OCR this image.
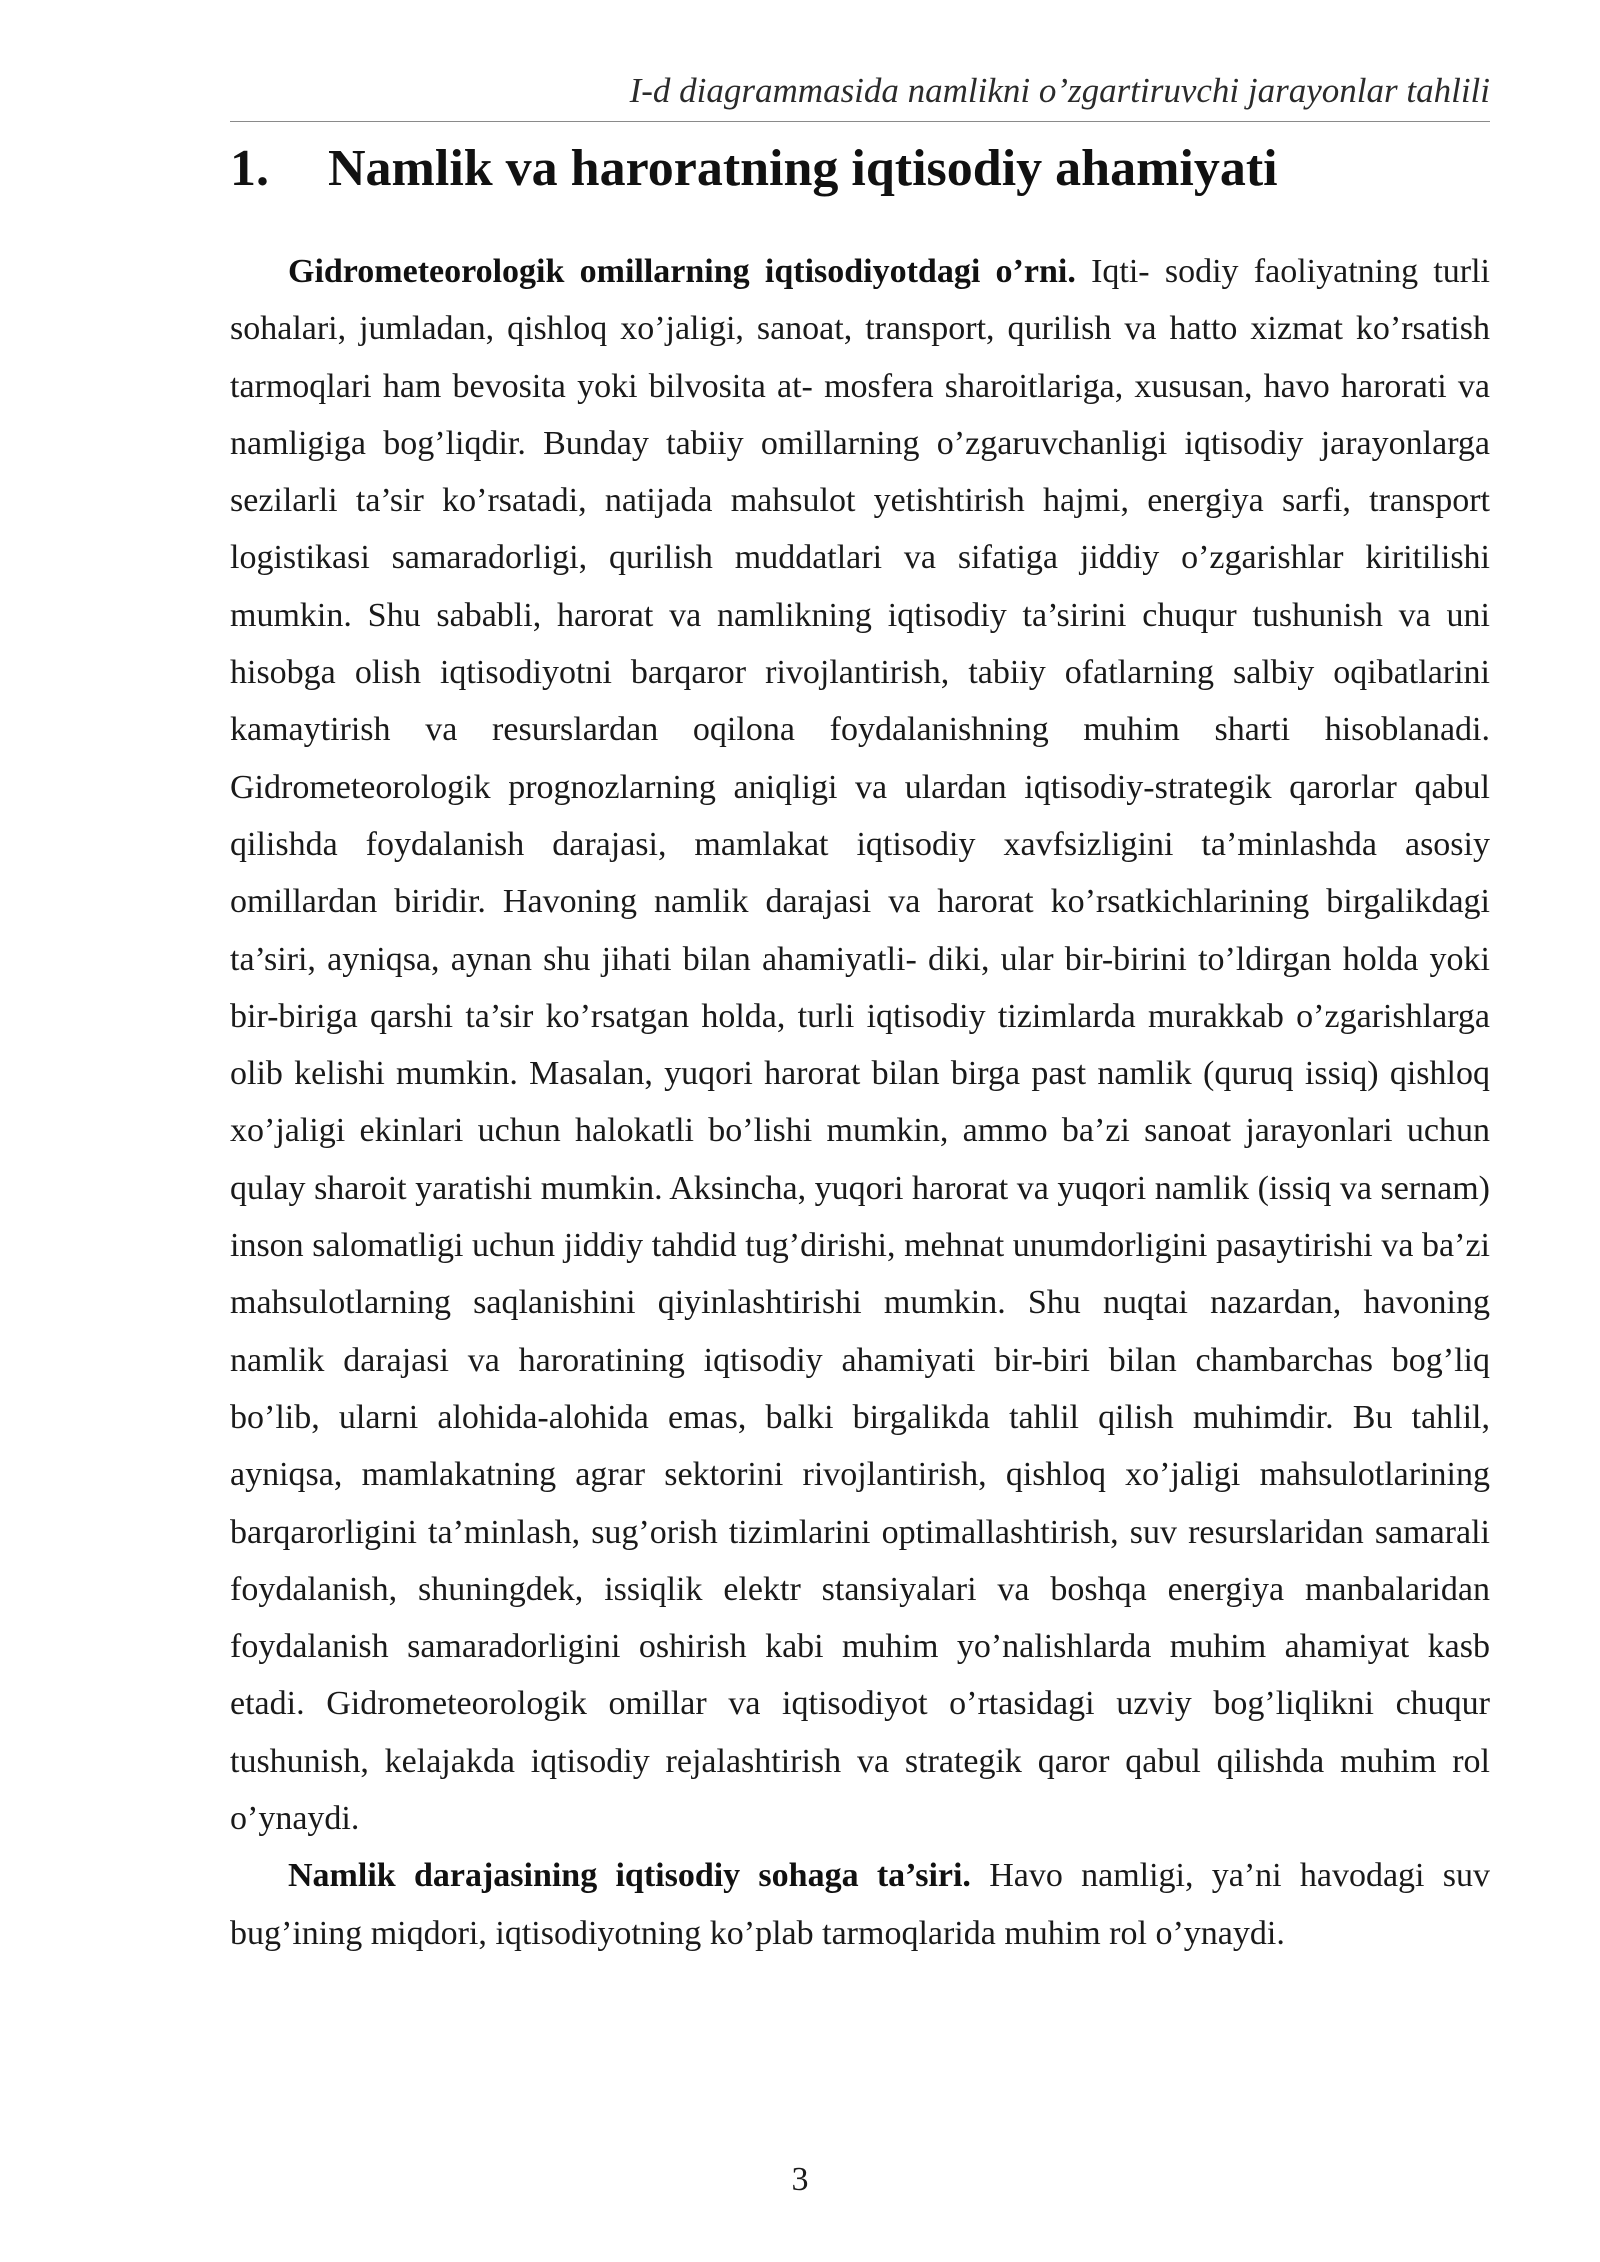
I-d diagrammasida namlikni o’zgartiruvchi jarayonlar tahlili
1. Namlik va haroratning iqtisodiy ahamiyati

Gidrometeorologik omillarning iqtisodiyotdagi o’rni. Iqti- sodiy faoliyatning turli sohalari, jumladan, qishloq xo’jaligi, sanoat, transport, qurilish va hatto xizmat ko’rsatish tarmoqlari ham bevosita yoki bilvosita at- mosfera sharoitlariga, xususan, havo harorati va namligiga bog’liqdir. Bunday tabiiy omillarning o’zgaruvchanligi iqtisodiy jarayonlarga sezilarli ta’sir ko’rsatadi, natijada mahsulot yetishtirish hajmi, energiya sarfi, transport logistikasi samaradorligi, qurilish muddatlari va sifatiga jiddiy o’zgarishlar kiritilishi mumkin. Shu sababli, harorat va namlikning iqtisodiy ta’sirini chuqur tushunish va uni hisobga olish iqtisodiyotni barqaror rivojlantirish, tabiiy ofatlarning salbiy oqibatlarini kamaytirish va resurslardan oqilona foydalanishning muhim sharti hisoblanadi. Gidrometeorologik prognozlarning aniqligi va ulardan iqtisodiy-strategik qarorlar qabul qilishda foydalanish darajasi, mamlakat iqtisodiy xavfsizligini ta’minlashda asosiy omillardan biridir. Havoning namlik darajasi va harorat ko’rsatkichlarining birgalikdagi ta’siri, ayniqsa, aynan shu jihati bilan ahamiyatli- diki, ular bir-birini to’ldirgan holda yoki bir-biriga qarshi ta’sir ko’rsatgan holda, turli iqtisodiy tizimlarda murakkab o’zgarishlarga olib kelishi mumkin. Masalan, yuqori harorat bilan birga past namlik (quruq issiq) qishloq xo’jaligi ekinlari uchun halokatli bo’lishi mumkin, ammo ba’zi sanoat jarayonlari uchun qulay sharoit yaratishi mumkin. Aksincha, yuqori harorat va yuqori namlik (issiq va sernam) inson salomatligi uchun jiddiy tahdid tug’dirishi, mehnat unumdorligini pasaytirishi va ba’zi mahsulotlarning saqlanishini qiyinlashtirishi mumkin. Shu nuqtai nazardan, havoning namlik darajasi va haroratining iqtisodiy ahamiyati bir-biri bilan chambarchas bog’liq bo’lib, ularni alohida-alohida emas, balki birgalikda tahlil qilish muhimdir. Bu tahlil, ayniqsa, mamlakatning agrar sektorini rivojlantirish, qishloq xo’jaligi mahsulotlarining barqarorligini ta’minlash, sug’orish tizimlarini optimallashtirish, suv resurslaridan samarali foydalanish, shuningdek, issiqlik elektr stansiyalari va boshqa energiya manbalaridan foydalanish samaradorligini oshirish kabi muhim yo’nalishlarda muhim ahamiyat kasb etadi. Gidrometeorologik omillar va iqtisodiyot o’rtasidagi uzviy bog’liqlikni chuqur tushunish, kelajakda iqtisodiy rejalashtirish va strategik qaror qabul qilishda muhim rol o’ynaydi.

Namlik darajasining iqtisodiy sohaga ta’siri. Havo namligi, ya’ni havodagi suv bug’ining miqdori, iqtisodiyotning ko’plab tarmoqlarida muhim rol o’ynaydi.

3
